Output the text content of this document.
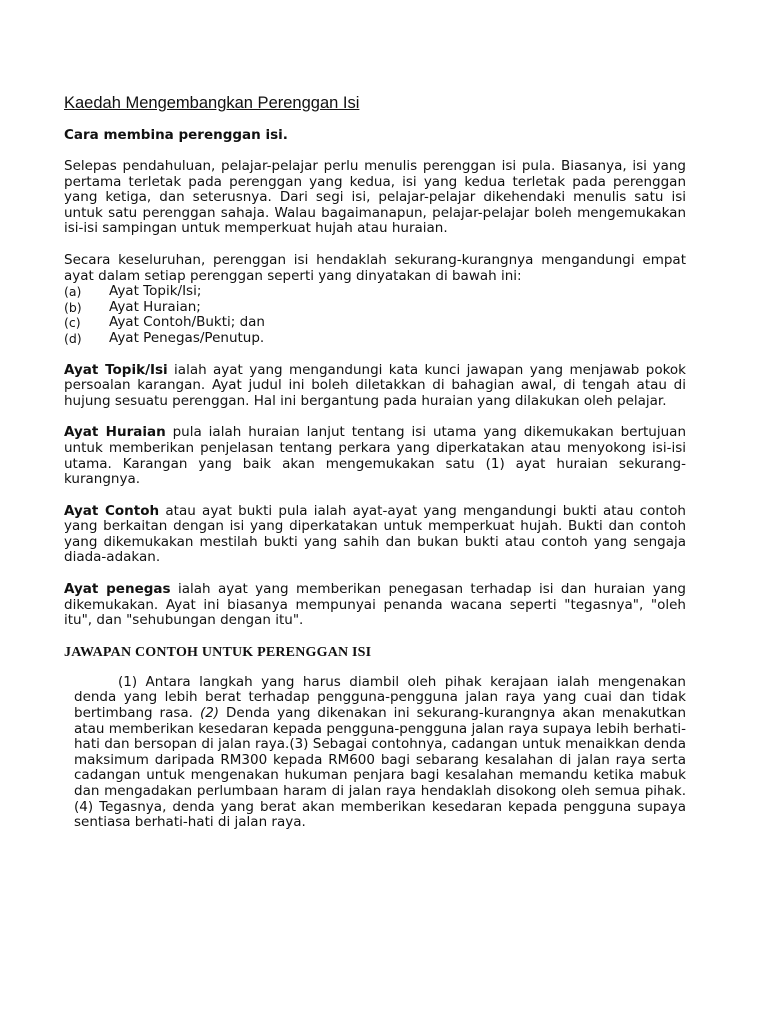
Kaedah Mengembangkan Perenggan Isi
Cara membina perenggan isi.

Selepas pendahuluan, pelajar-pelajar perlu menulis perenggan isi pula. Biasanya, isi yang pertama terletak pada perenggan yang kedua, isi yang kedua terletak pada perenggan yang ketiga, dan seterusnya. Dari segi isi, pelajar-pelajar dikehendaki menulis satu isi untuk satu perenggan sahaja. Walau bagaimanapun, pelajar-pelajar boleh mengemukakan isi-isi sampingan untuk memperkuat hujah atau huraian.

Secara keseluruhan, perenggan isi hendaklah sekurang-kurangnya mengandungi empat ayat dalam setiap perenggan seperti yang dinyatakan di bawah ini:

(a)	Ayat Topik/Isi;
(b)	Ayat Huraian;
(c)	Ayat Contoh/Bukti; dan
(d)	Ayat Penegas/Penutup.

Ayat Topik/Isi ialah ayat yang mengandungi kata kunci jawapan yang menjawab pokok persoalan karangan. Ayat judul ini boleh diletakkan di bahagian awal, di tengah atau di hujung sesuatu perenggan. Hal ini bergantung pada huraian yang dilakukan oleh pelajar.

Ayat Huraian pula ialah huraian lanjut tentang isi utama yang dikemukakan bertujuan untuk memberikan penjelasan tentang perkara yang diperkatakan atau menyokong isi-isi utama. Karangan yang baik akan mengemukakan satu (1) ayat huraian sekurang-kurangnya.

Ayat Contoh atau ayat bukti pula ialah ayat-ayat yang mengandungi bukti atau contoh yang berkaitan dengan isi yang diperkatakan untuk memperkuat hujah. Bukti dan contoh yang dikemukakan mestilah bukti yang sahih dan bukan bukti atau contoh yang sengaja diada-adakan.

Ayat penegas ialah ayat yang memberikan penegasan terhadap isi dan huraian yang dikemukakan. Ayat ini biasanya mempunyai penanda wacana seperti "tegasnya", "oleh itu", dan "sehubungan dengan itu".

JAWAPAN CONTOH UNTUK PERENGGAN ISI

(1) Antara langkah yang harus diambil oleh pihak kerajaan ialah mengenakan denda yang lebih berat terhadap pengguna-pengguna jalan raya yang cuai dan tidak bertimbang rasa. (2) Denda yang dikenakan ini sekurang-kurangnya akan menakutkan atau memberikan kesedaran kepada pengguna-pengguna jalan raya supaya lebih berhati-hati dan bersopan di jalan raya.(3) Sebagai contohnya, cadangan untuk menaikkan denda maksimum daripada RM300 kepada RM600 bagi sebarang kesalahan di jalan raya serta cadangan untuk mengenakan hukuman penjara bagi kesalahan memandu ketika mabuk dan mengadakan perlumbaan haram di jalan raya hendaklah disokong oleh semua pihak. (4) Tegasnya, denda yang berat akan memberikan kesedaran kepada pengguna supaya sentiasa berhati-hati di jalan raya.
